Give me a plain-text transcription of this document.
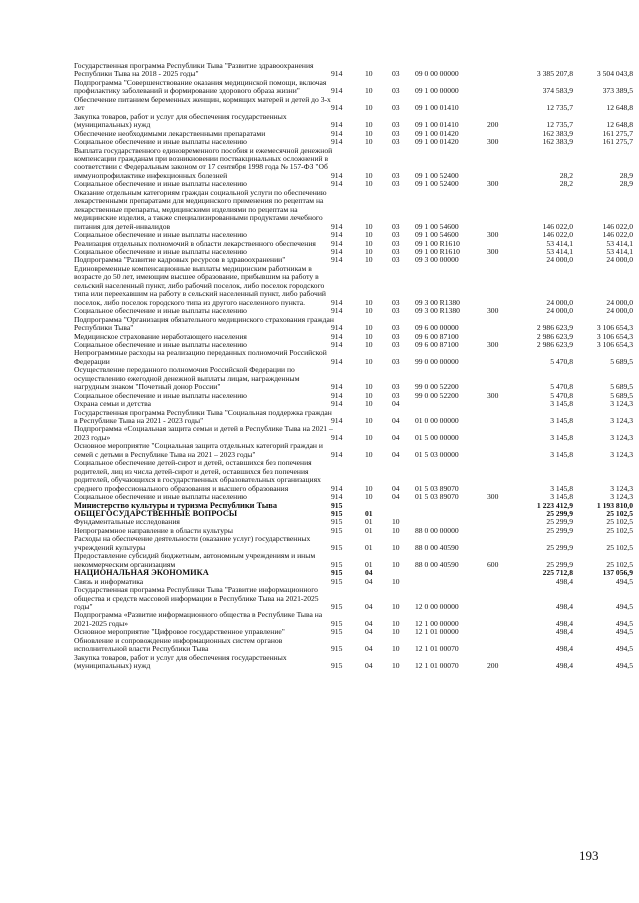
Государственная программа Республики Тыва "Развитие здравоохранения Республики Тыва на 2018 - 2025 годы"	914	10	03	09 0 00 00000	3 385 207,8	3 504 043,8
Подпрограмма "Совершенствование оказания медицинской помощи, включая профилактику заболеваний и формирование здорового образа жизни"	914	10	03	09 1 00 00000	374 583,9	373 389,5
Обеспечение питанием беременных женщин, кормящих матерей и детей до 3-х лет	914	10	03	09 1 00 01410	12 735,7	12 648,8
Закупка товаров, работ и услуг для обеспечения государственных (муниципальных) нужд	914	10	03	09 1 00 01410	200	12 735,7	12 648,8
Обеспечение необходимыми лекарственными препаратами	914	10	03	09 1 00 01420	162 383,9	161 275,7
Социальное обеспечение и иные выплаты населению	914	10	03	09 1 00 01420	300	162 383,9	161 275,7
Выплата государственного единовременного пособия и ежемесячной денежной компенсации гражданам при возникновении поствакцинальных осложнений в соответствии с Федеральным законом от 17 сентября 1998 года № 157-ФЗ "Об иммунопрофилактике инфекционных болезней	914	10	03	09 1 00 52400	28,2	28,9
Социальное обеспечение и иные выплаты населению	914	10	03	09 1 00 52400	300	28,2	28,9
Оказание отдельным категориям граждан социальной услуги по обеспечению лекарственными препаратами для медицинского применения по рецептам на лекарственные препараты, медицинскими изделиями по рецептам на медицинские изделия, а также специализированными продуктами лечебного питания для детей-инвалидов	914	10	03	09 1 00 54600	146 022,0	146 022,0
Социальное обеспечение и иные выплаты населению	914	10	03	09 1 00 54600	300	146 022,0	146 022,0
Реализация отдельных полномочий в области лекарственного обеспечения	914	10	03	09 1 00 R1610	53 414,1	53 414,1
Социальное обеспечение и иные выплаты населению	914	10	03	09 1 00 R1610	300	53 414,1	53 414,1
Подпрограмма "Развитие кадровых ресурсов в здравоохранении"	914	10	03	09 3 00 00000	24 000,0	24 000,0
Единовременные компенсационные выплаты медицинским работникам в возрасте до 50 лет, имеющим высшее образование, прибывшим на работу в сельский населенный пункт, либо рабочий поселок, либо поселок городского типа или переехавшим на работу в сельский населенный пункт, либо рабочий поселок, либо поселок городского типа из другого населенного пункта.	914	10	03	09 3 00 R1380	24 000,0	24 000,0
Социальное обеспечение и иные выплаты населению	914	10	03	09 3 00 R1380	300	24 000,0	24 000,0
Подпрограмма "Организация обязательного медицинского страхования граждан Республики Тыва"	914	10	03	09 6 00 00000	2 986 623,9	3 106 654,3
Медицинское страхование неработающего населения	914	10	03	09 6 00 87100	2 986 623,9	3 106 654,3
Социальное обеспечение и иные выплаты населению	914	10	03	09 6 00 87100	300	2 986 623,9	3 106 654,3
Непрограммные расходы на реализацию переданных полномочий Российской Федерации	914	10	03	99 0 00 00000	5 470,8	5 689,5
Осуществление переданного полномочия Российской Федерации по осуществлению ежегодной денежной выплаты лицам, награжденным нагрудным знаком "Почетный донор России"	914	10	03	99 0 00 52200	5 470,8	5 689,5
Социальное обеспечение и иные выплаты населению	914	10	03	99 0 00 52200	300	5 470,8	5 689,5
Охрана семьи и детства	914	10	04	3 145,8	3 124,3
Государственная программа Республики Тыва "Социальная поддержка граждан в Республике Тыва на 2021 - 2023 годы"	914	10	04	01 0 00 00000	3 145,8	3 124,3
Подпрограмма «Социальная защита семьи и детей в Республике Тыва на 2021 – 2023 годы»	914	10	04	01 5 00 00000	3 145,8	3 124,3
Основное мероприятие "Социальная защита отдельных категорий граждан и семей с детьми в Республике Тыва на 2021 – 2023 годы"	914	10	04	01 5 03 00000	3 145,8	3 124,3
Социальное обеспечение детей-сирот и детей, оставшихся без попечения родителей, лиц из числа детей-сирот и детей, оставшихся без попечения родителей, обучающихся в государственных образовательных организациях среднего профессионального образования и высшего образования	914	10	04	01 5 03 89070	3 145,8	3 124,3
Социальное обеспечение и иные выплаты населению	914	10	04	01 5 03 89070	300	3 145,8	3 124,3
Министерство культуры и туризма Республики Тыва	915	1 223 412,9	1 193 810,0
ОБЩЕГОСУДАРСТВЕННЫЕ ВОПРОСЫ	915	01	25 299,9	25 102,5
Фундаментальные исследования	915	01	10	25 299,9	25 102,5
Непрограммное направление в области культуры	915	01	10	88 0 00 00000	25 299,9	25 102,5
Расходы на обеспечение деятельности (оказание услуг) государственных учреждений культуры	915	01	10	88 0 00 40590	25 299,9	25 102,5
Предоставление субсидий бюджетным, автономным учреждениям и иным некоммерческим организациям	915	01	10	88 0 00 40590	600	25 299,9	25 102,5
НАЦИОНАЛЬНАЯ ЭКОНОМИКА	915	04	225 712,8	137 056,9
Связь и информатика	915	04	10	498,4	494,5
Государственная программа Республики Тыва "Развитие информационного общества и средств массовой информации в Республике Тыва на 2021-2025 годы"	915	04	10	12 0 00 00000	498,4	494,5
Подпрограмма «Развитие информационного общества в Республике Тыва на 2021-2025 годы»	915	04	10	12 1 00 00000	498,4	494,5
Основное мероприятие "Цифровое государственное управление"	915	04	10	12 1 01 00000	498,4	494,5
Обновление и сопровождение информационных систем органов исполнительной власти Республики Тыва	915	04	10	12 1 01 00070	498,4	494,5
Закупка товаров, работ и услуг для обеспечения государственных (муниципальных) нужд	915	04	10	12 1 01 00070	200	498,4	494,5
193
